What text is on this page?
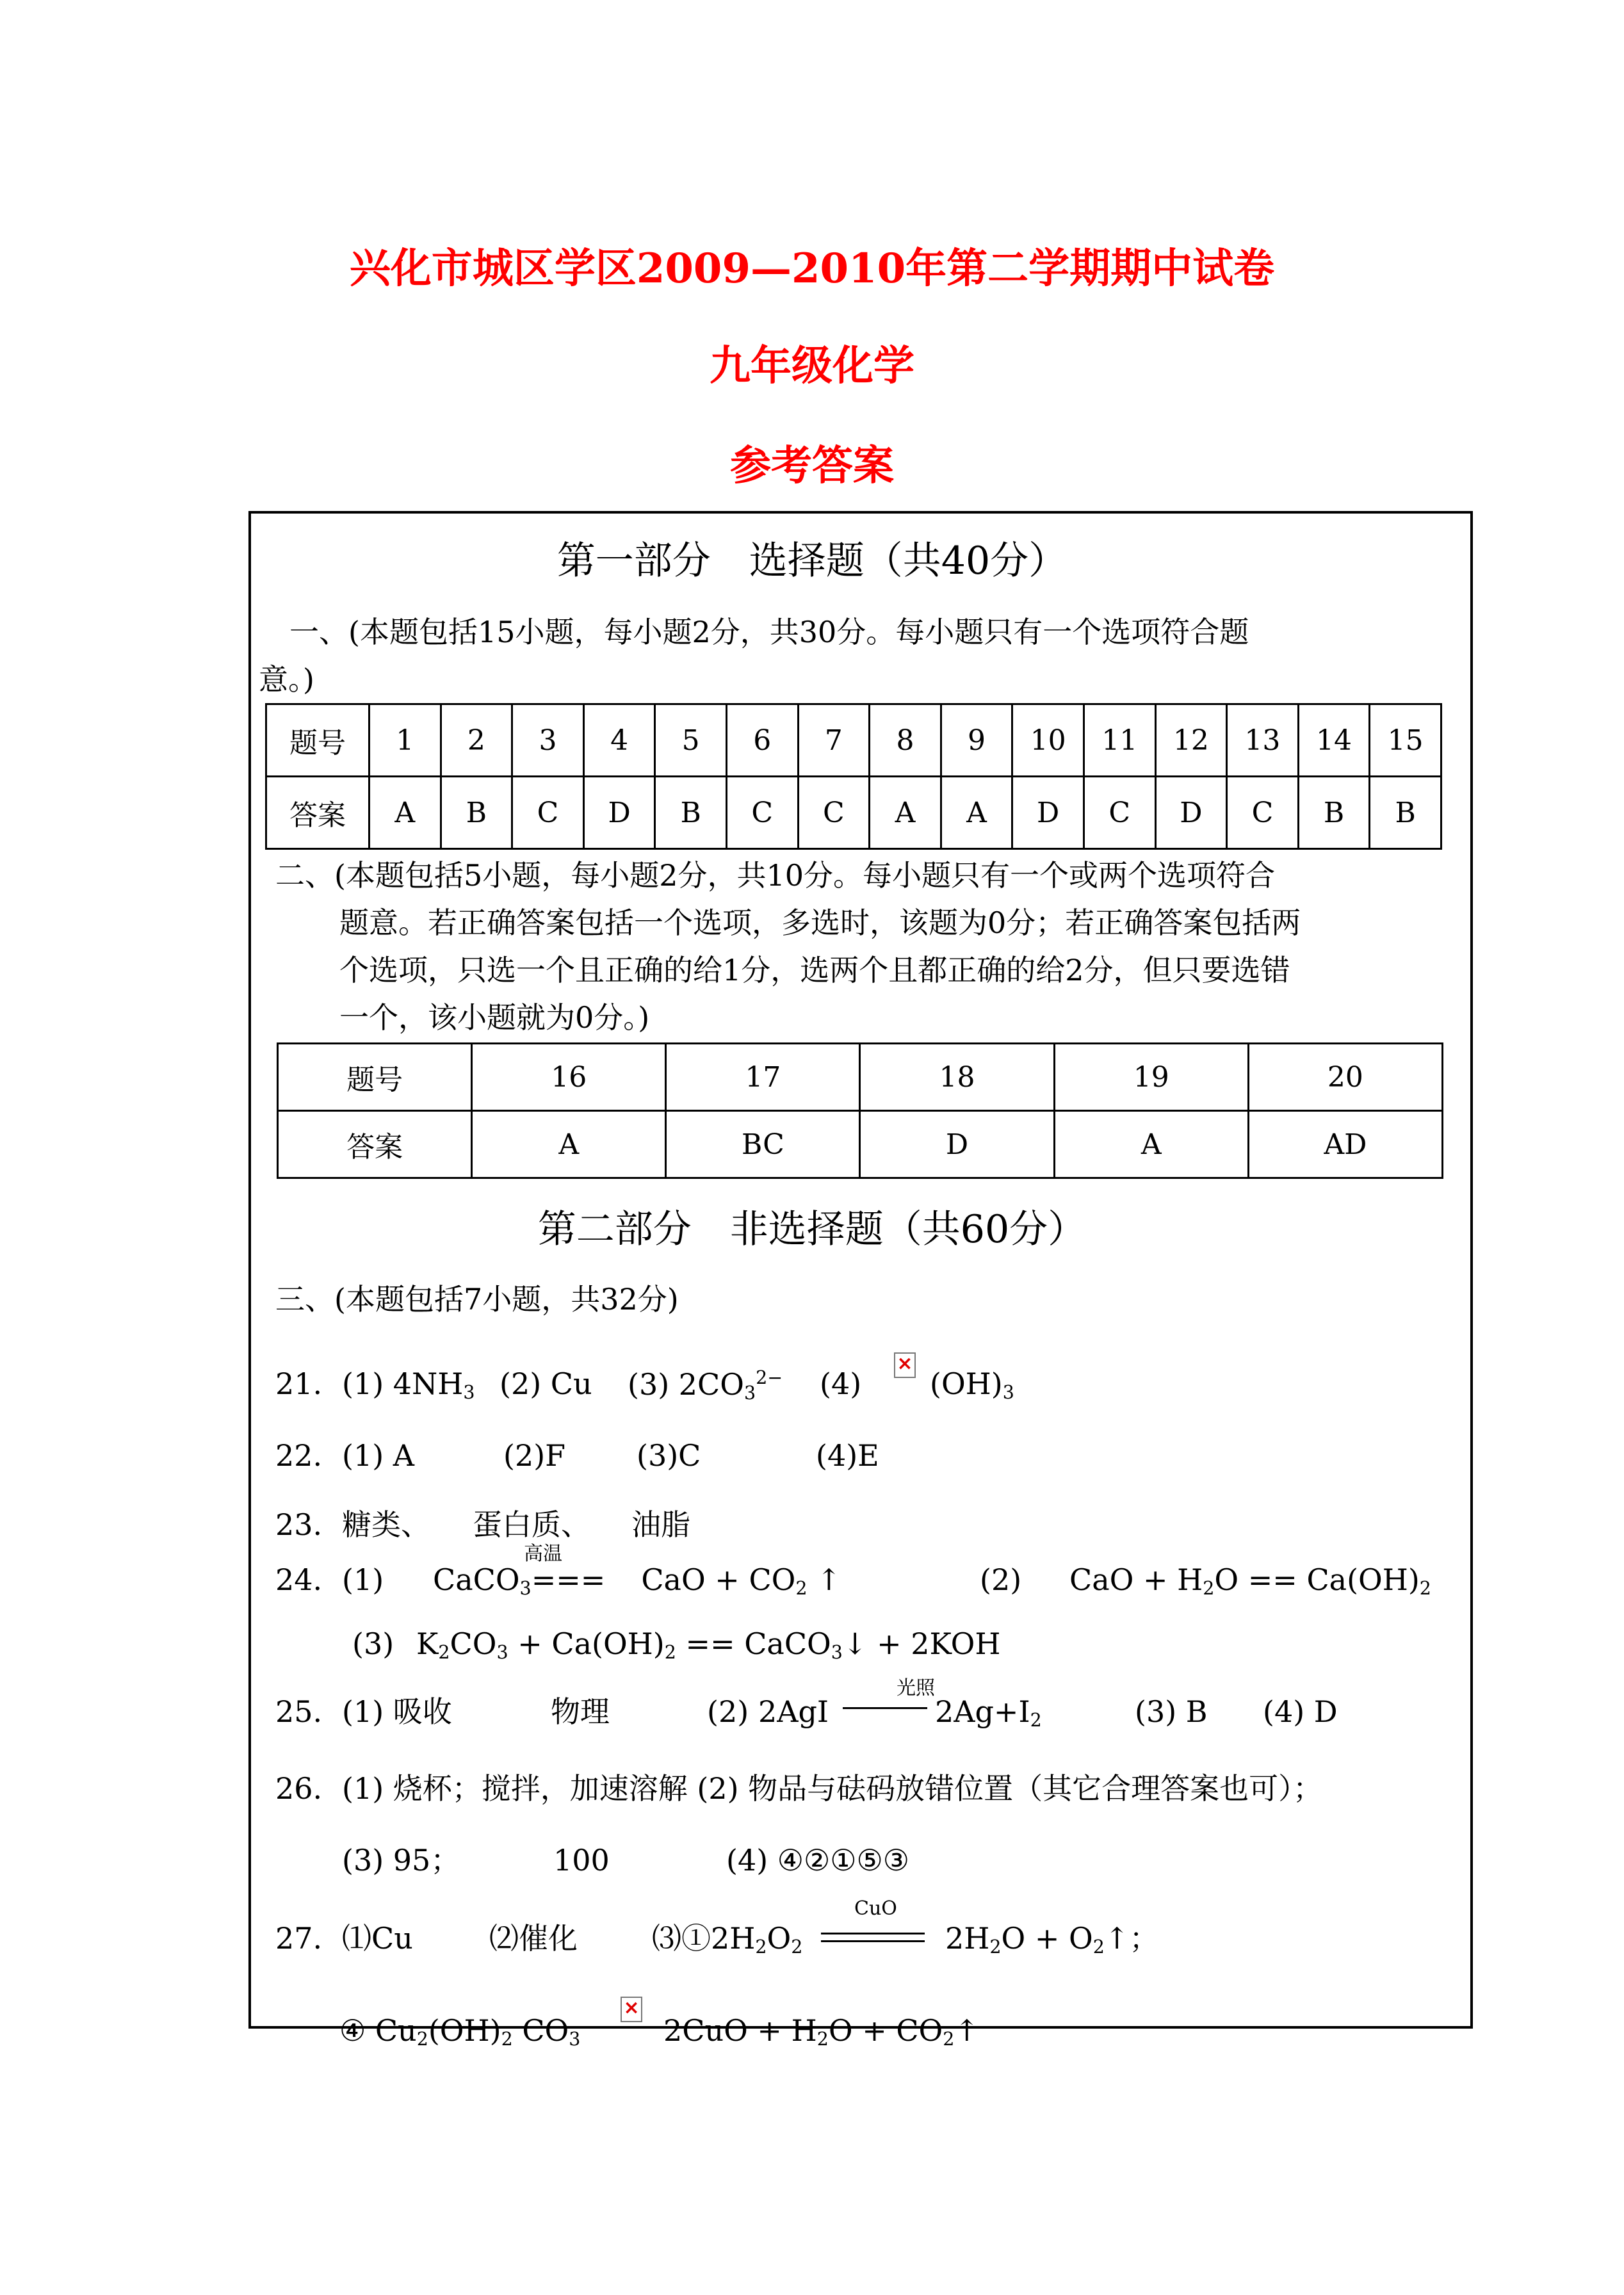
兴化市城区学区2009—2010年第二学期期中试卷
九年级化学
参考答案
第一部分　选择题（共40分）
一、(本题包括15小题，每小题2分，共30分。每小题只有一个选项符合题
意。)
题号	1	2	3	4	5	6	7	8	9	10	11	12	13	14	15
答案	A	B	C	D	B	C	C	A	A	D	C	D	C	B	B
二、(本题包括5小题，每小题2分，共10分。每小题只有一个或两个选项符合
题意。若正确答案包括一个选项，多选时，该题为0分；若正确答案包括两
个选项，只选一个且正确的给1分，选两个且都正确的给2分，但只要选错
一个，该小题就为0分。)
题号	16	17	18	19	20
答案	A	BC	D	A	AD
第二部分　非选择题（共60分）
三、(本题包括7小题，共32分)
21. (1) $4NH_3$ (2) Cu (3) $2CO_3^{2-}$ (4)
× $(OH)_3$
22. (1) A	(2)F (3)C	(4)E
23. 糖类、 蛋白质、 油脂
24. (1)
高温
CaCO$_3$=== CaO + $CO_2$ ↑	(2) CaO + $H_2O == Ca(OH)_2$
(3) $K_2CO_3 + Ca(OH)_2$ == CaCO$_3$↓ + 2KOH
25. (1) 吸收	物理	(2) 2AgI
光照
$2Ag+I_2$	(3) B (4) D
26. (1) 烧杯；搅拌，加速溶解 (2) 物品与砝码放错位置（其它合理答案也可）；
(3) 95；	100	(4) ④②①⑤③
27. ⑴Cu	⑵催化	$⑶①2H_2O_2$
CuO
$2H_2O$ + $O_2↑$；
④ $Cu_2(OH)_2$ $CO_3$
×	$2CuO + H_2O$ + $CO_2↑$
